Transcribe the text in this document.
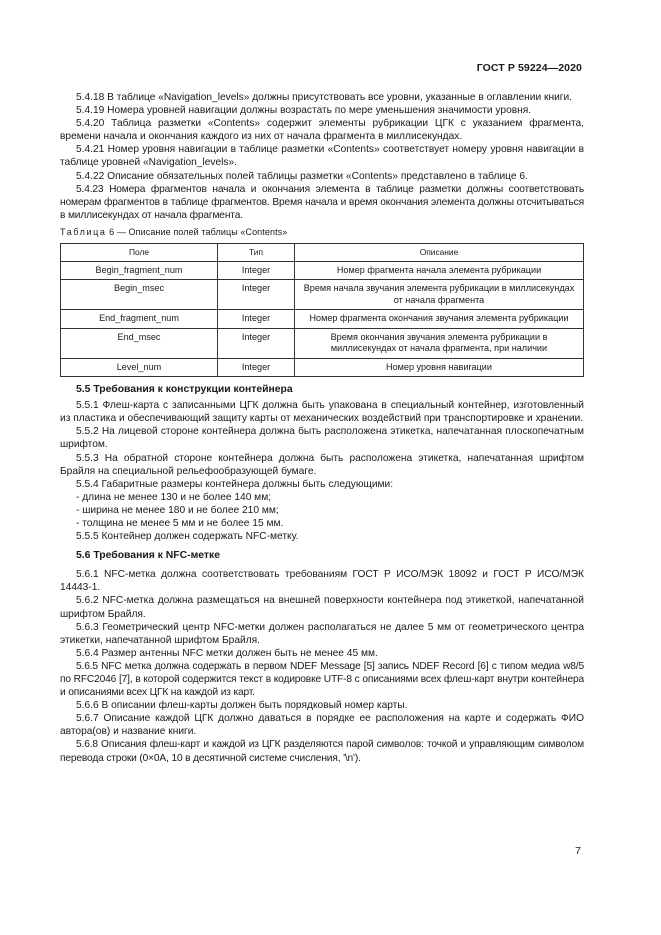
ГОСТ Р 59224—2020

5.4.18 В таблице «Navigation_levels» должны присутствовать все уровни, указанные в оглавлении книги.

5.4.19 Номера уровней навигации должны возрастать по мере уменьшения значимости уровня.

5.4.20 Таблица разметки «Contents» содержит элементы рубрикации ЦГК с указанием фрагмента, времени начала и окончания каждого из них от начала фрагмента в миллисекундах.

5.4.21 Номер уровня навигации в таблице разметки «Contents» соответствует номеру уровня навигации в таблице уровней «Navigation_levels».

5.4.22 Описание обязательных полей таблицы разметки «Contents» представлено в таблице 6.

5.4.23 Номера фрагментов начала и окончания элемента в таблице разметки должны соответствовать номерам фрагментов в таблице фрагментов. Время начала и время окончания элемента должны отсчитываться в миллисекундах от начала фрагмента.

Таблица 6 — Описание полей таблицы «Contents»
Поле	Тип	Описание
Begin_fragment_num	Integer	Номер фрагмента начала элемента рубрикации
Begin_msec	Integer	Время начала звучания элемента рубрикации в миллисекундах от начала фрагмента
End_fragment_num	Integer	Номер фрагмента окончания звучания элемента рубрикации
End_msec	Integer	Время окончания звучания элемента рубрикации в миллисекундах от начала фрагмента, при наличии
Level_num	Integer	Номер уровня навигации
5.5 Требования к конструкции контейнера

5.5.1 Флеш-карта с записанными ЦГК должна быть упакована в специальный контейнер, изготовленный из пластика и обеспечивающий защиту карты от механических воздействий при транспортировке и хранении.

5.5.2 На лицевой стороне контейнера должна быть расположена этикетка, напечатанная плоскопечатным шрифтом.

5.5.3 На обратной стороне контейнера должна быть расположена этикетка, напечатанная шрифтом Брайля на специальной рельефообразующей бумаге.

5.5.4 Габаритные размеры контейнера должны быть следующими:

- длина не менее 130 и не более 140 мм;

- ширина не менее 180 и не более 210 мм;

- толщина не менее 5 мм и не более 15 мм.

5.5.5 Контейнер должен содержать NFC-метку.

5.6 Требования к NFC-метке

5.6.1 NFC-метка должна соответствовать требованиям ГОСТ Р ИСО/МЭК 18092 и ГОСТ Р ИСО/МЭК 14443-1.

5.6.2 NFC-метка должна размещаться на внешней поверхности контейнера под этикеткой, напечатанной шрифтом Брайля.

5.6.3 Геометрический центр NFC-метки должен располагаться не далее 5 мм от геометрического центра этикетки, напечатанной шрифтом Брайля.

5.6.4 Размер антенны NFC метки должен быть не менее 45 мм.

5.6.5 NFC метка должна содержать в первом NDEF Message [5] запись NDEF Record [6] с типом медиа w8/5 по RFC2046 [7], в которой содержится текст в кодировке UTF-8 с описаниями всех флеш-карт внутри контейнера и описаниями всех ЦГК на каждой из карт.

5.6.6 В описании флеш-карты должен быть порядковый номер карты.

5.6.7 Описание каждой ЦГК должно даваться в порядке ее расположения на карте и содержать ФИО автора(ов) и название книги.

5.6.8 Описания флеш-карт и каждой из ЦГК разделяются парой символов: точкой и управляющим символом перевода строки (0×0A, 10 в десятичной системе счисления, '\n').

7
